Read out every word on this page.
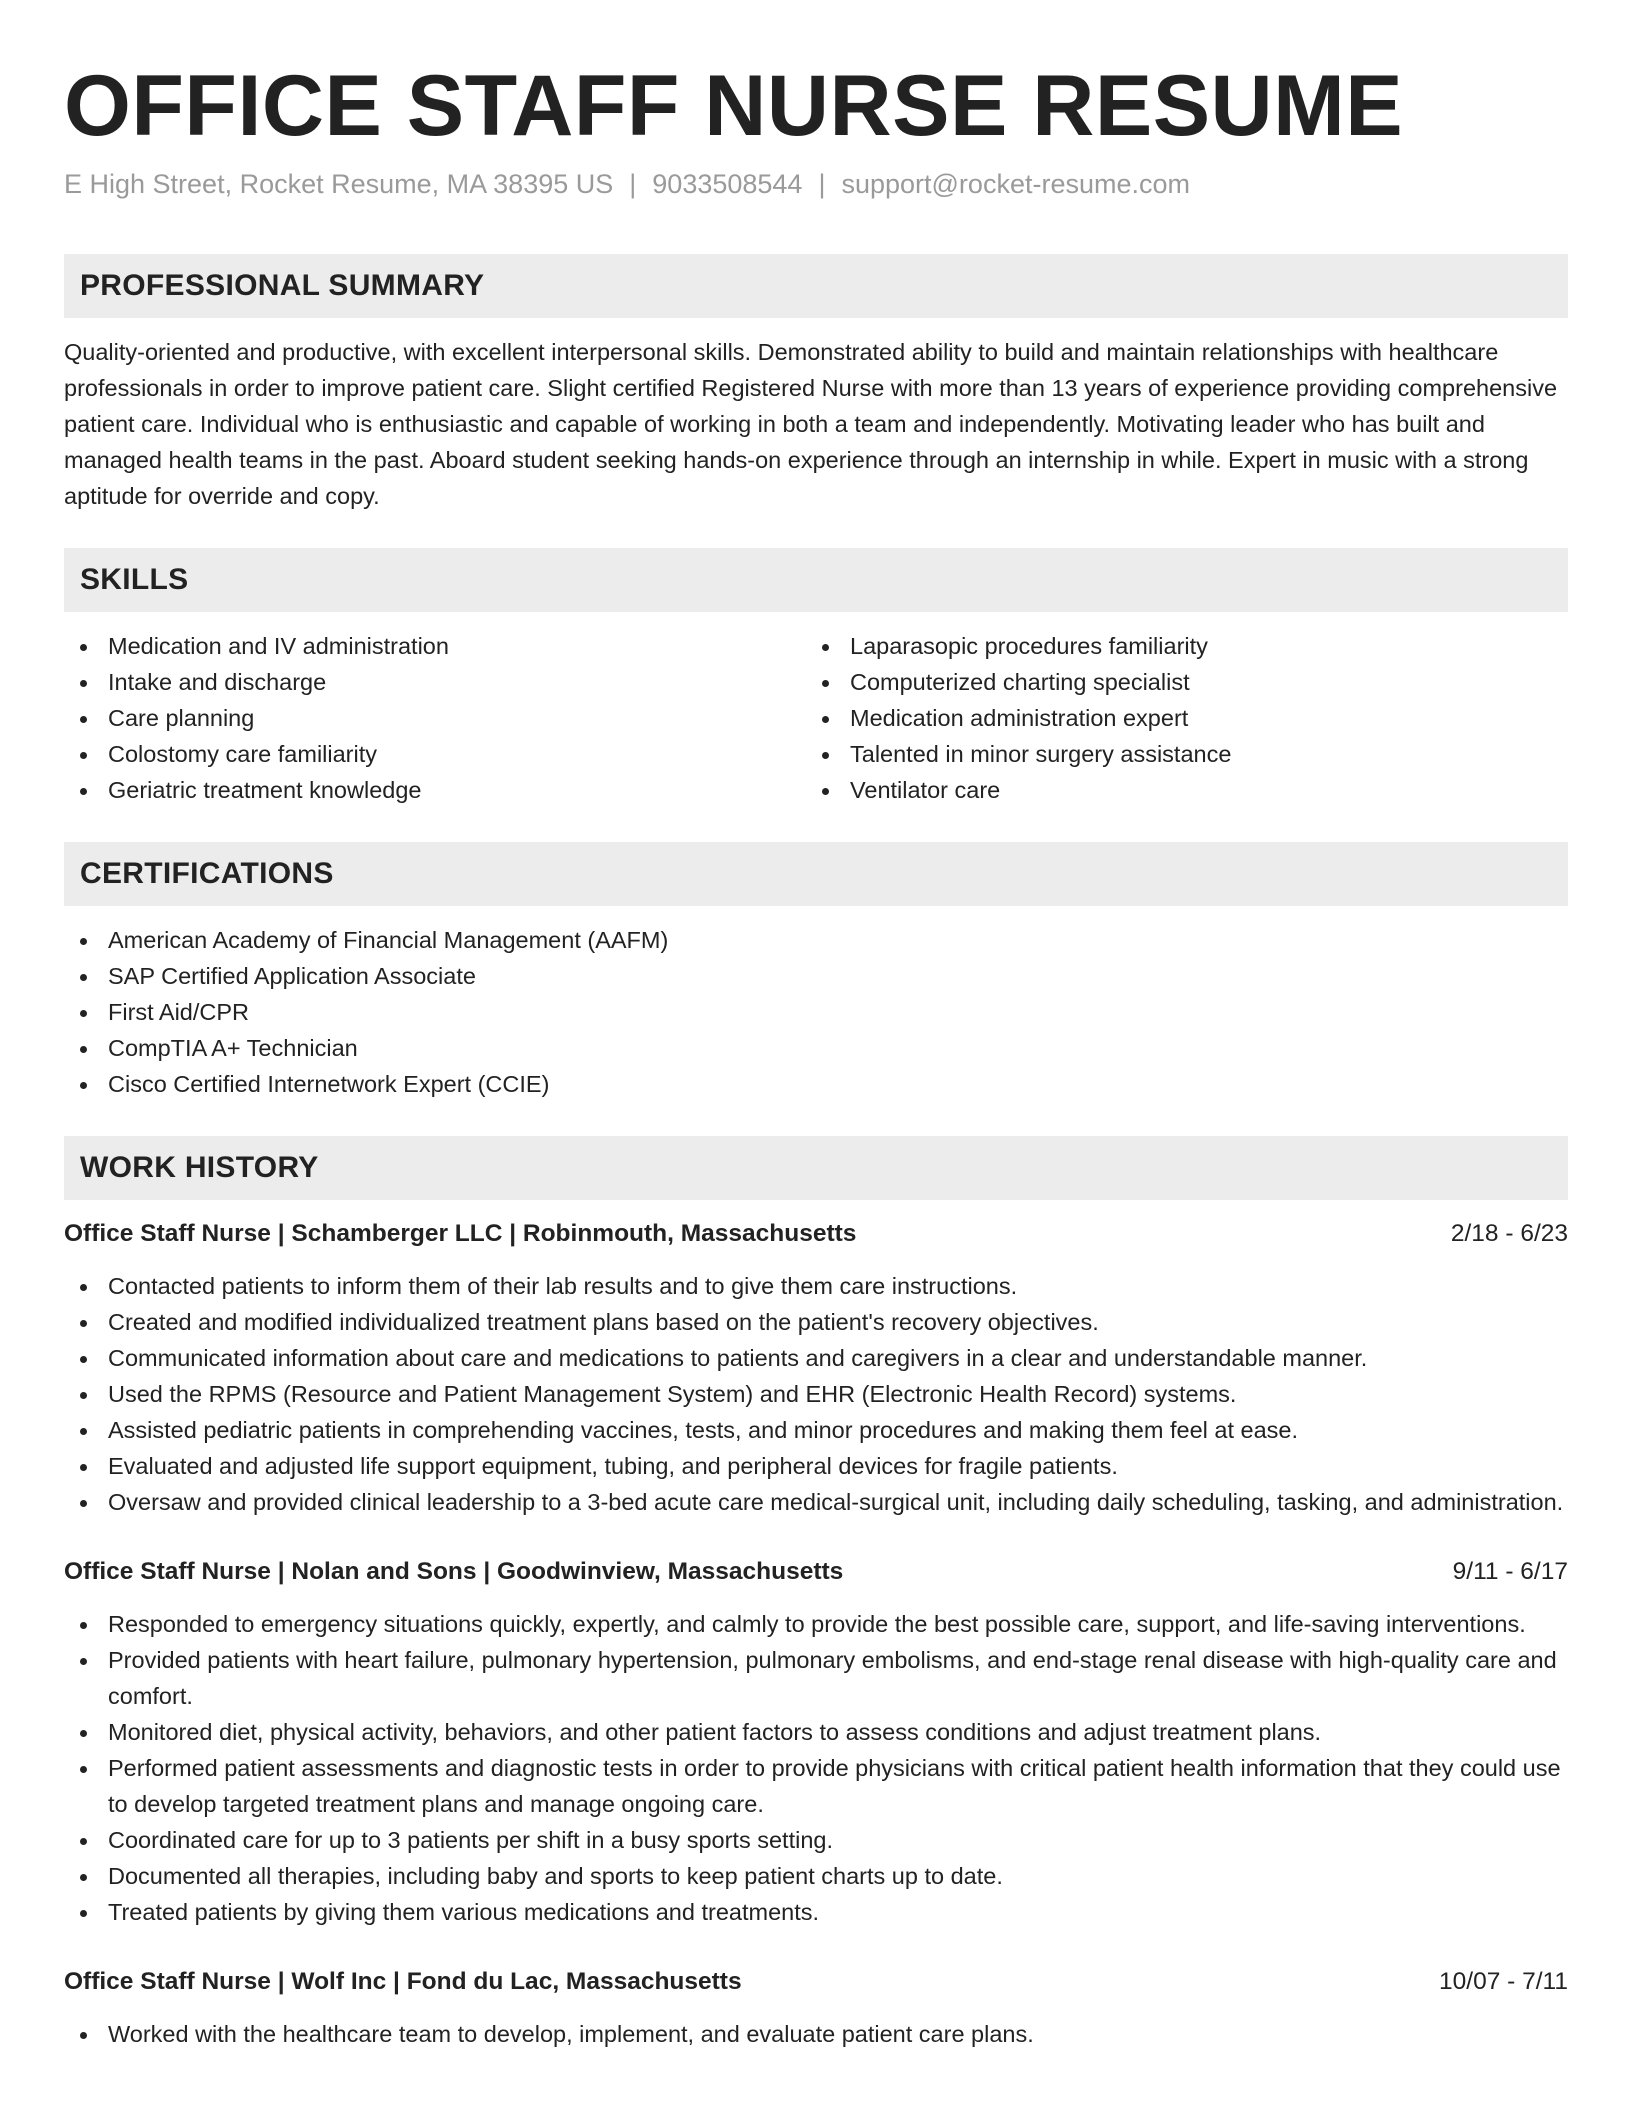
OFFICE STAFF NURSE RESUME
E High Street, Rocket Resume, MA 38395 US | 9033508544 | support@rocket-resume.com
PROFESSIONAL SUMMARY

Quality-oriented and productive, with excellent interpersonal skills. Demonstrated ability to build and maintain relationships with healthcare professionals in order to improve patient care. Slight certified Registered Nurse with more than 13 years of experience providing comprehensive patient care. Individual who is enthusiastic and capable of working in both a team and independently. Motivating leader who has built and managed health teams in the past. Aboard student seeking hands-on experience through an internship in while. Expert in music with a strong aptitude for override and copy.

SKILLS
Medication and IV administration
Intake and discharge
Care planning
Colostomy care familiarity
Geriatric treatment knowledge
Laparasopic procedures familiarity
Computerized charting specialist
Medication administration expert
Talented in minor surgery assistance
Ventilator care
CERTIFICATIONS
American Academy of Financial Management (AAFM)
SAP Certified Application Associate
First Aid/CPR
CompTIA A+ Technician
Cisco Certified Internetwork Expert (CCIE)
WORK HISTORY
Office Staff Nurse | Schamberger LLC | Robinmouth, Massachusetts	2/18 - 6/23
Contacted patients to inform them of their lab results and to give them care instructions.
Created and modified individualized treatment plans based on the patient's recovery objectives.
Communicated information about care and medications to patients and caregivers in a clear and understandable manner.
Used the RPMS (Resource and Patient Management System) and EHR (Electronic Health Record) systems.
Assisted pediatric patients in comprehending vaccines, tests, and minor procedures and making them feel at ease.
Evaluated and adjusted life support equipment, tubing, and peripheral devices for fragile patients.
Oversaw and provided clinical leadership to a 3-bed acute care medical-surgical unit, including daily scheduling, tasking, and administration.
Office Staff Nurse | Nolan and Sons | Goodwinview, Massachusetts	9/11 - 6/17
Responded to emergency situations quickly, expertly, and calmly to provide the best possible care, support, and life-saving interventions.
Provided patients with heart failure, pulmonary hypertension, pulmonary embolisms, and end-stage renal disease with high-quality care and comfort.
Monitored diet, physical activity, behaviors, and other patient factors to assess conditions and adjust treatment plans.
Performed patient assessments and diagnostic tests in order to provide physicians with critical patient health information that they could use to develop targeted treatment plans and manage ongoing care.
Coordinated care for up to 3 patients per shift in a busy sports setting.
Documented all therapies, including baby and sports to keep patient charts up to date.
Treated patients by giving them various medications and treatments.
Office Staff Nurse | Wolf Inc | Fond du Lac, Massachusetts	10/07 - 7/11
Worked with the healthcare team to develop, implement, and evaluate patient care plans.
